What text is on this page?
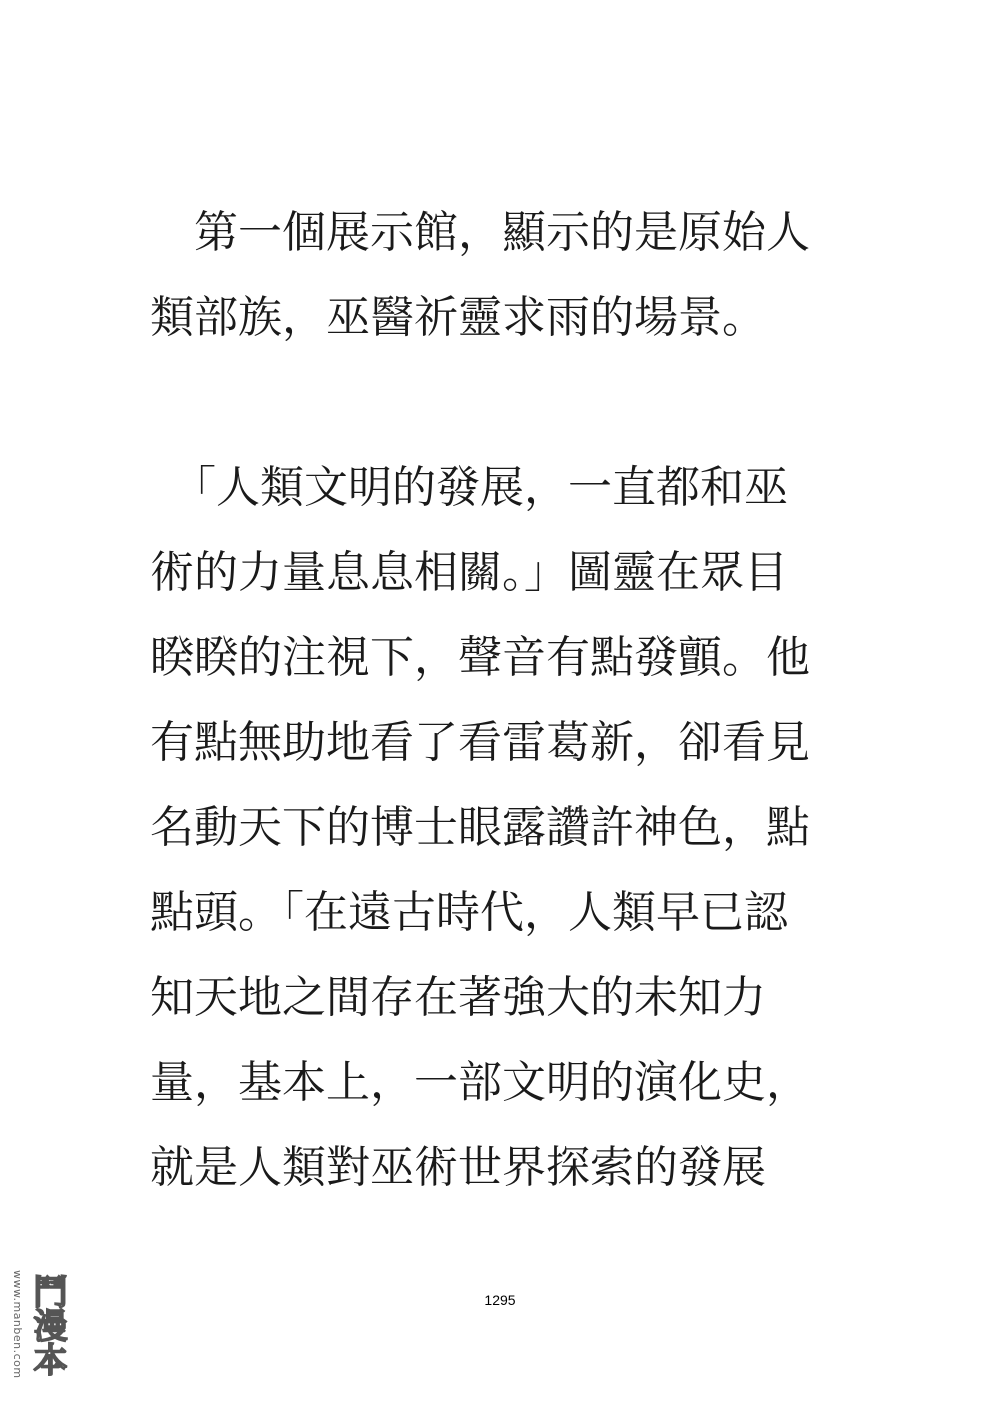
　第一個展示館，顯示的是原始人
類部族，巫醫祈靈求雨的場景。

　「人類文明的發展，一直都和巫
術的力量息息相關。」圖靈在眾目
睽睽的注視下，聲音有點發顫。他
有點無助地看了看雷葛新，卻看見
名動天下的博士眼露讚許神色，點
點頭。「在遠古時代，人類早已認
知天地之間存在著強大的未知力
量，基本上，一部文明的演化史，
就是人類對巫術世界探索的發展

1295
www.manben.com 鬥漫本
